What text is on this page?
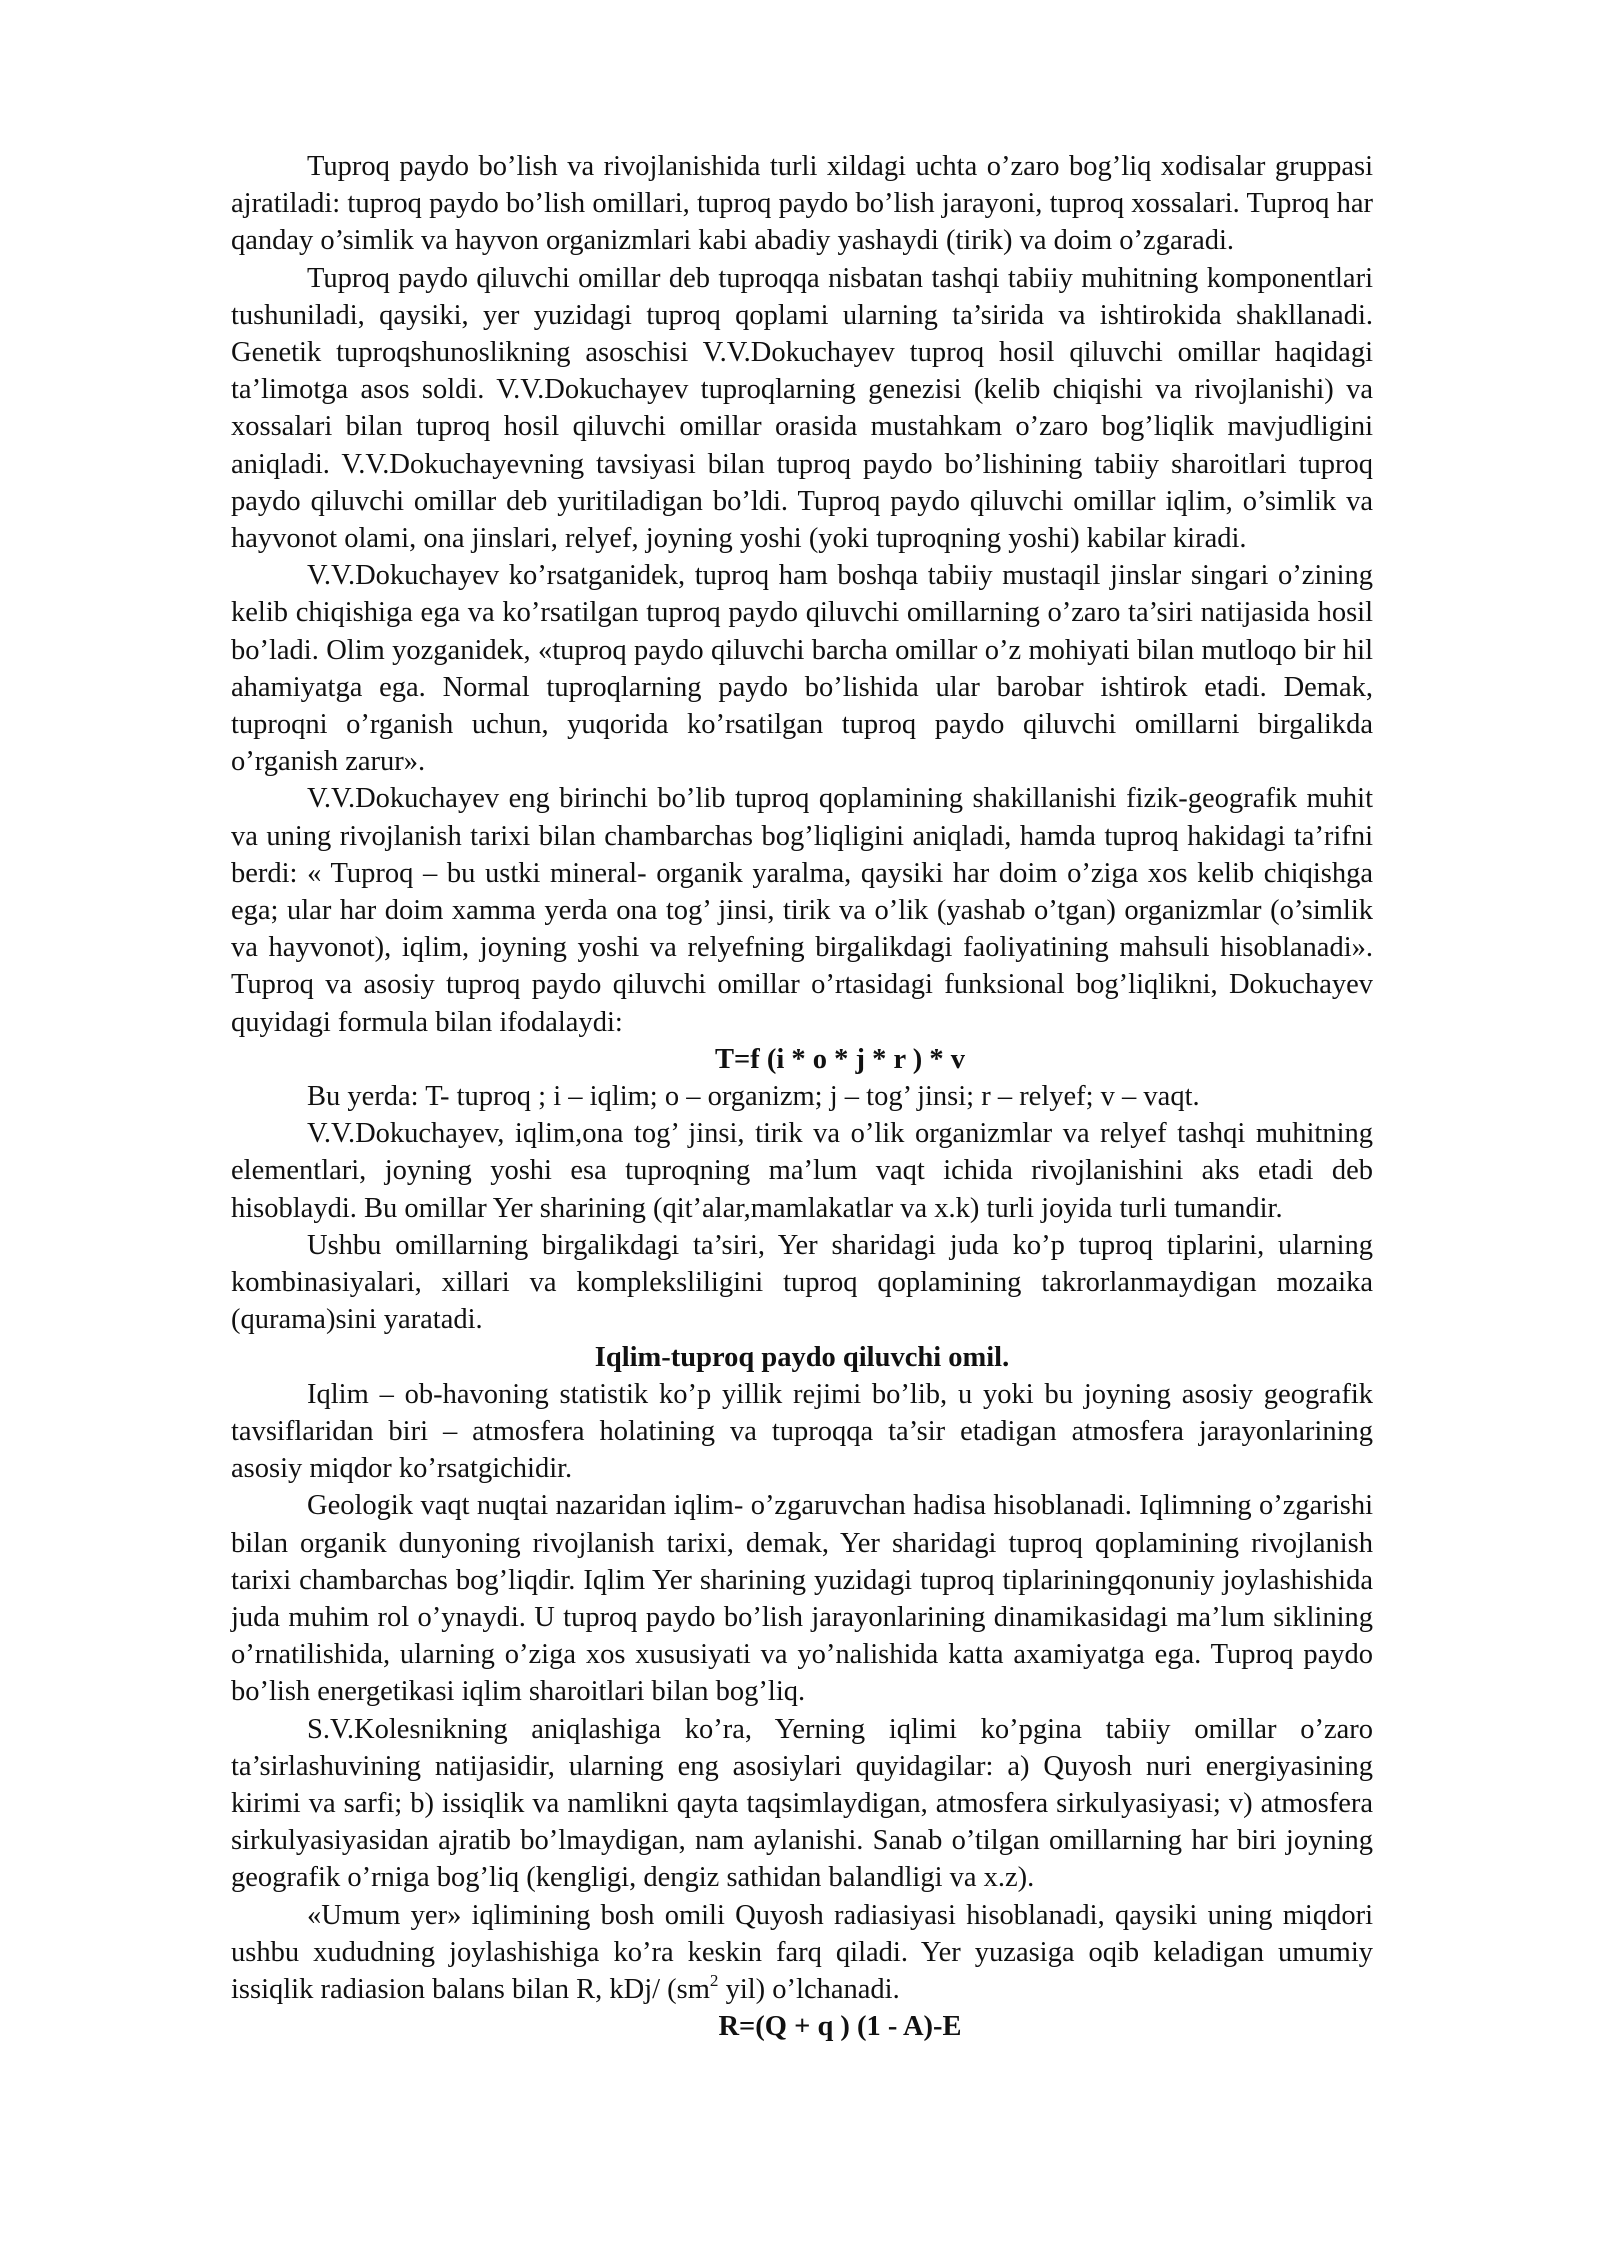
Tuproq paydo bo’lish va rivojlanishida turli xildagi uchta o’zaro bog’liq xodisalar gruppasi ajratiladi: tuproq paydo bo’lish omillari, tuproq paydo bo’lish jarayoni, tuproq xossalari. Tuproq har qanday o’simlik va hayvon organizmlari kabi abadiy yashaydi (tirik) va doim o’zgaradi.

Tuproq paydo qiluvchi omillar deb tuproqqa nisbatan tashqi tabiiy muhitning komponentlari tushuniladi, qaysiki, yer yuzidagi tuproq qoplami ularning ta’sirida va ishtirokida shakllanadi. Genetik tuproqshunoslikning asoschisi V.V.Dokuchayev tuproq hosil qiluvchi omillar haqidagi ta’limotga asos soldi. V.V.Dokuchayev tuproqlarning genezisi (kelib chiqishi va rivojlanishi) va xossalari bilan tuproq hosil qiluvchi omillar orasida mustahkam o’zaro bog’liqlik mavjudligini aniqladi. V.V.Dokuchayevning tavsiyasi bilan tuproq paydo bo’lishining tabiiy sharoitlari tuproq paydo qiluvchi omillar deb yuritiladigan bo’ldi. Tuproq paydo qiluvchi omillar iqlim, o’simlik va hayvonot olami, ona jinslari, relyef, joyning yoshi (yoki tuproqning yoshi) kabilar kiradi.

V.V.Dokuchayev ko’rsatganidek, tuproq ham boshqa tabiiy mustaqil jinslar singari o’zining kelib chiqishiga ega va ko’rsatilgan tuproq paydo qiluvchi omillarning o’zaro ta’siri natijasida hosil bo’ladi. Olim yozganidek, «tuproq paydo qiluvchi barcha omillar o’z mohiyati bilan mutloqo bir hil ahamiyatga ega. Normal tuproqlarning paydo bo’lishida ular barobar ishtirok etadi. Demak, tuproqni o’rganish uchun, yuqorida ko’rsatilgan tuproq paydo qiluvchi omillarni birgalikda o’rganish zarur».

V.V.Dokuchayev eng birinchi bo’lib tuproq qoplamining shakillanishi fizik-geografik muhit va uning rivojlanish tarixi bilan chambarchas bog’liqligini aniqladi, hamda tuproq hakidagi ta’rifni berdi: « Tuproq – bu ustki mineral- organik yaralma, qaysiki har doim o’ziga xos kelib chiqishga ega; ular har doim xamma yerda ona tog’ jinsi, tirik va o’lik (yashab o’tgan) organizmlar (o’simlik va hayvonot), iqlim, joyning yoshi va relyefning birgalikdagi faoliyatining mahsuli hisoblanadi». Tuproq va asosiy tuproq paydo qiluvchi omillar o’rtasidagi funksional bog’liqlikni, Dokuchayev quyidagi formula bilan ifodalaydi:

T=f (i * o * j * r ) * v

Bu yerda: T- tuproq ; i – iqlim; o – organizm; j – tog’ jinsi; r – relyef; v – vaqt.

V.V.Dokuchayev, iqlim,ona tog’ jinsi, tirik va o’lik organizmlar va relyef tashqi muhitning elementlari, joyning yoshi esa tuproqning ma’lum vaqt ichida rivojlanishini aks etadi deb hisoblaydi. Bu omillar Yer sharining (qit’alar,mamlakatlar va x.k) turli joyida turli tumandir.

Ushbu omillarning birgalikdagi ta’siri, Yer sharidagi juda ko’p tuproq tiplarini, ularning kombinasiyalari, xillari va kompleksliligini tuproq qoplamining takrorlanmaydigan mozaika (qurama)sini yaratadi.

Iqlim-tuproq paydo qiluvchi omil.

Iqlim – ob-havoning statistik ko’p yillik rejimi bo’lib, u yoki bu joyning asosiy geografik tavsiflaridan biri – atmosfera holatining va tuproqqa ta’sir etadigan atmosfera jarayonlarining asosiy miqdor ko’rsatgichidir.

Geologik vaqt nuqtai nazaridan iqlim- o’zgaruvchan hadisa hisoblanadi. Iqlimning o’zgarishi bilan organik dunyoning rivojlanish tarixi, demak, Yer sharidagi tuproq qoplamining rivojlanish tarixi chambarchas bog’liqdir. Iqlim Yer sharining yuzidagi tuproq tiplariningqonuniy joylashishida juda muhim rol o’ynaydi. U tuproq paydo bo’lish jarayonlarining dinamikasidagi ma’lum siklining o’rnatilishida, ularning o’ziga xos xususiyati va yo’nalishida katta axamiyatga ega. Tuproq paydo bo’lish energetikasi iqlim sharoitlari bilan bog’liq.

S.V.Kolesnikning aniqlashiga ko’ra, Yerning iqlimi ko’pgina tabiiy omillar o’zaro ta’sirlashuvining natijasidir, ularning eng asosiylari quyidagilar: a) Quyosh nuri energiyasining kirimi va sarfi; b) issiqlik va namlikni qayta taqsimlaydigan, atmosfera sirkulyasiyasi; v) atmosfera sirkulyasiyasidan ajratib bo’lmaydigan, nam aylanishi. Sanab o’tilgan omillarning har biri joyning geografik o’rniga bog’liq (kengligi, dengiz sathidan balandligi va x.z).

«Umum yer» iqlimining bosh omili Quyosh radiasiyasi hisoblanadi, qaysiki uning miqdori ushbu xududning joylashishiga ko’ra keskin farq qiladi. Yer yuzasiga oqib keladigan umumiy issiqlik radiasion balans bilan R, kDj/ ($sm^2$ yil) o’lchanadi.

R=(Q + q ) (1 - A)-E
